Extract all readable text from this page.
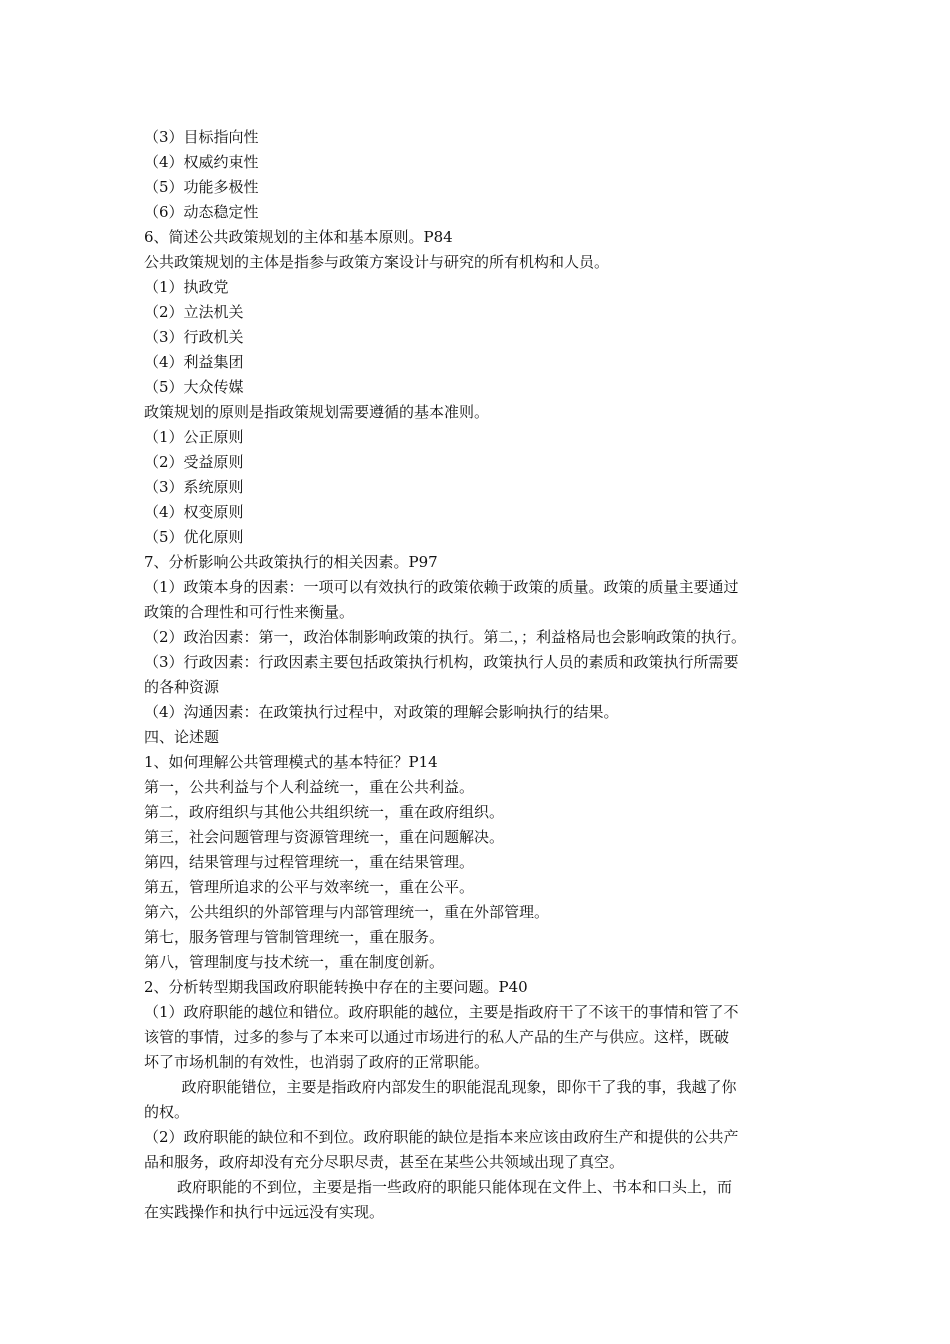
（3）目标指向性
（4）权威约束性
（5）功能多极性
（6）动态稳定性
6、简述公共政策规划的主体和基本原则。P84
公共政策规划的主体是指参与政策方案设计与研究的所有机构和人员。
（1）执政党
（2）立法机关
（3）行政机关
（4）利益集团
（5）大众传媒
政策规划的原则是指政策规划需要遵循的基本准则。
（1）公正原则
（2）受益原则
（3）系统原则
（4）权变原则
（5）优化原则
7、分析影响公共政策执行的相关因素。P97
（1）政策本身的因素：一项可以有效执行的政策依赖于政策的质量。政策的质量主要通过
政策的合理性和可行性来衡量。
（2）政治因素：第一，政治体制影响政策的执行。第二，；利益格局也会影响政策的执行。
（3）行政因素：行政因素主要包括政策执行机构，政策执行人员的素质和政策执行所需要
的各种资源
（4）沟通因素：在政策执行过程中，对政策的理解会影响执行的结果。
四、论述题
1、如何理解公共管理模式的基本特征？P14
第一，公共利益与个人利益统一，重在公共利益。
第二，政府组织与其他公共组织统一，重在政府组织。
第三，社会问题管理与资源管理统一，重在问题解决。
第四，结果管理与过程管理统一，重在结果管理。
第五，管理所追求的公平与效率统一，重在公平。
第六，公共组织的外部管理与内部管理统一，重在外部管理。
第七，服务管理与管制管理统一，重在服务。
第八，管理制度与技术统一，重在制度创新。
2、分析转型期我国政府职能转换中存在的主要问题。P40
（1）政府职能的越位和错位。政府职能的越位，主要是指政府干了不该干的事情和管了不
该管的事情，过多的参与了本来可以通过市场进行的私人产品的生产与供应。这样，既破
坏了市场机制的有效性，也消弱了政府的正常职能。
政府职能错位，主要是指政府内部发生的职能混乱现象，即你干了我的事，我越了你
的权。
（2）政府职能的缺位和不到位。政府职能的缺位是指本来应该由政府生产和提供的公共产
品和服务，政府却没有充分尽职尽责，甚至在某些公共领域出现了真空。
政府职能的不到位，主要是指一些政府的职能只能体现在文件上、书本和口头上，而
在实践操作和执行中远远没有实现。
